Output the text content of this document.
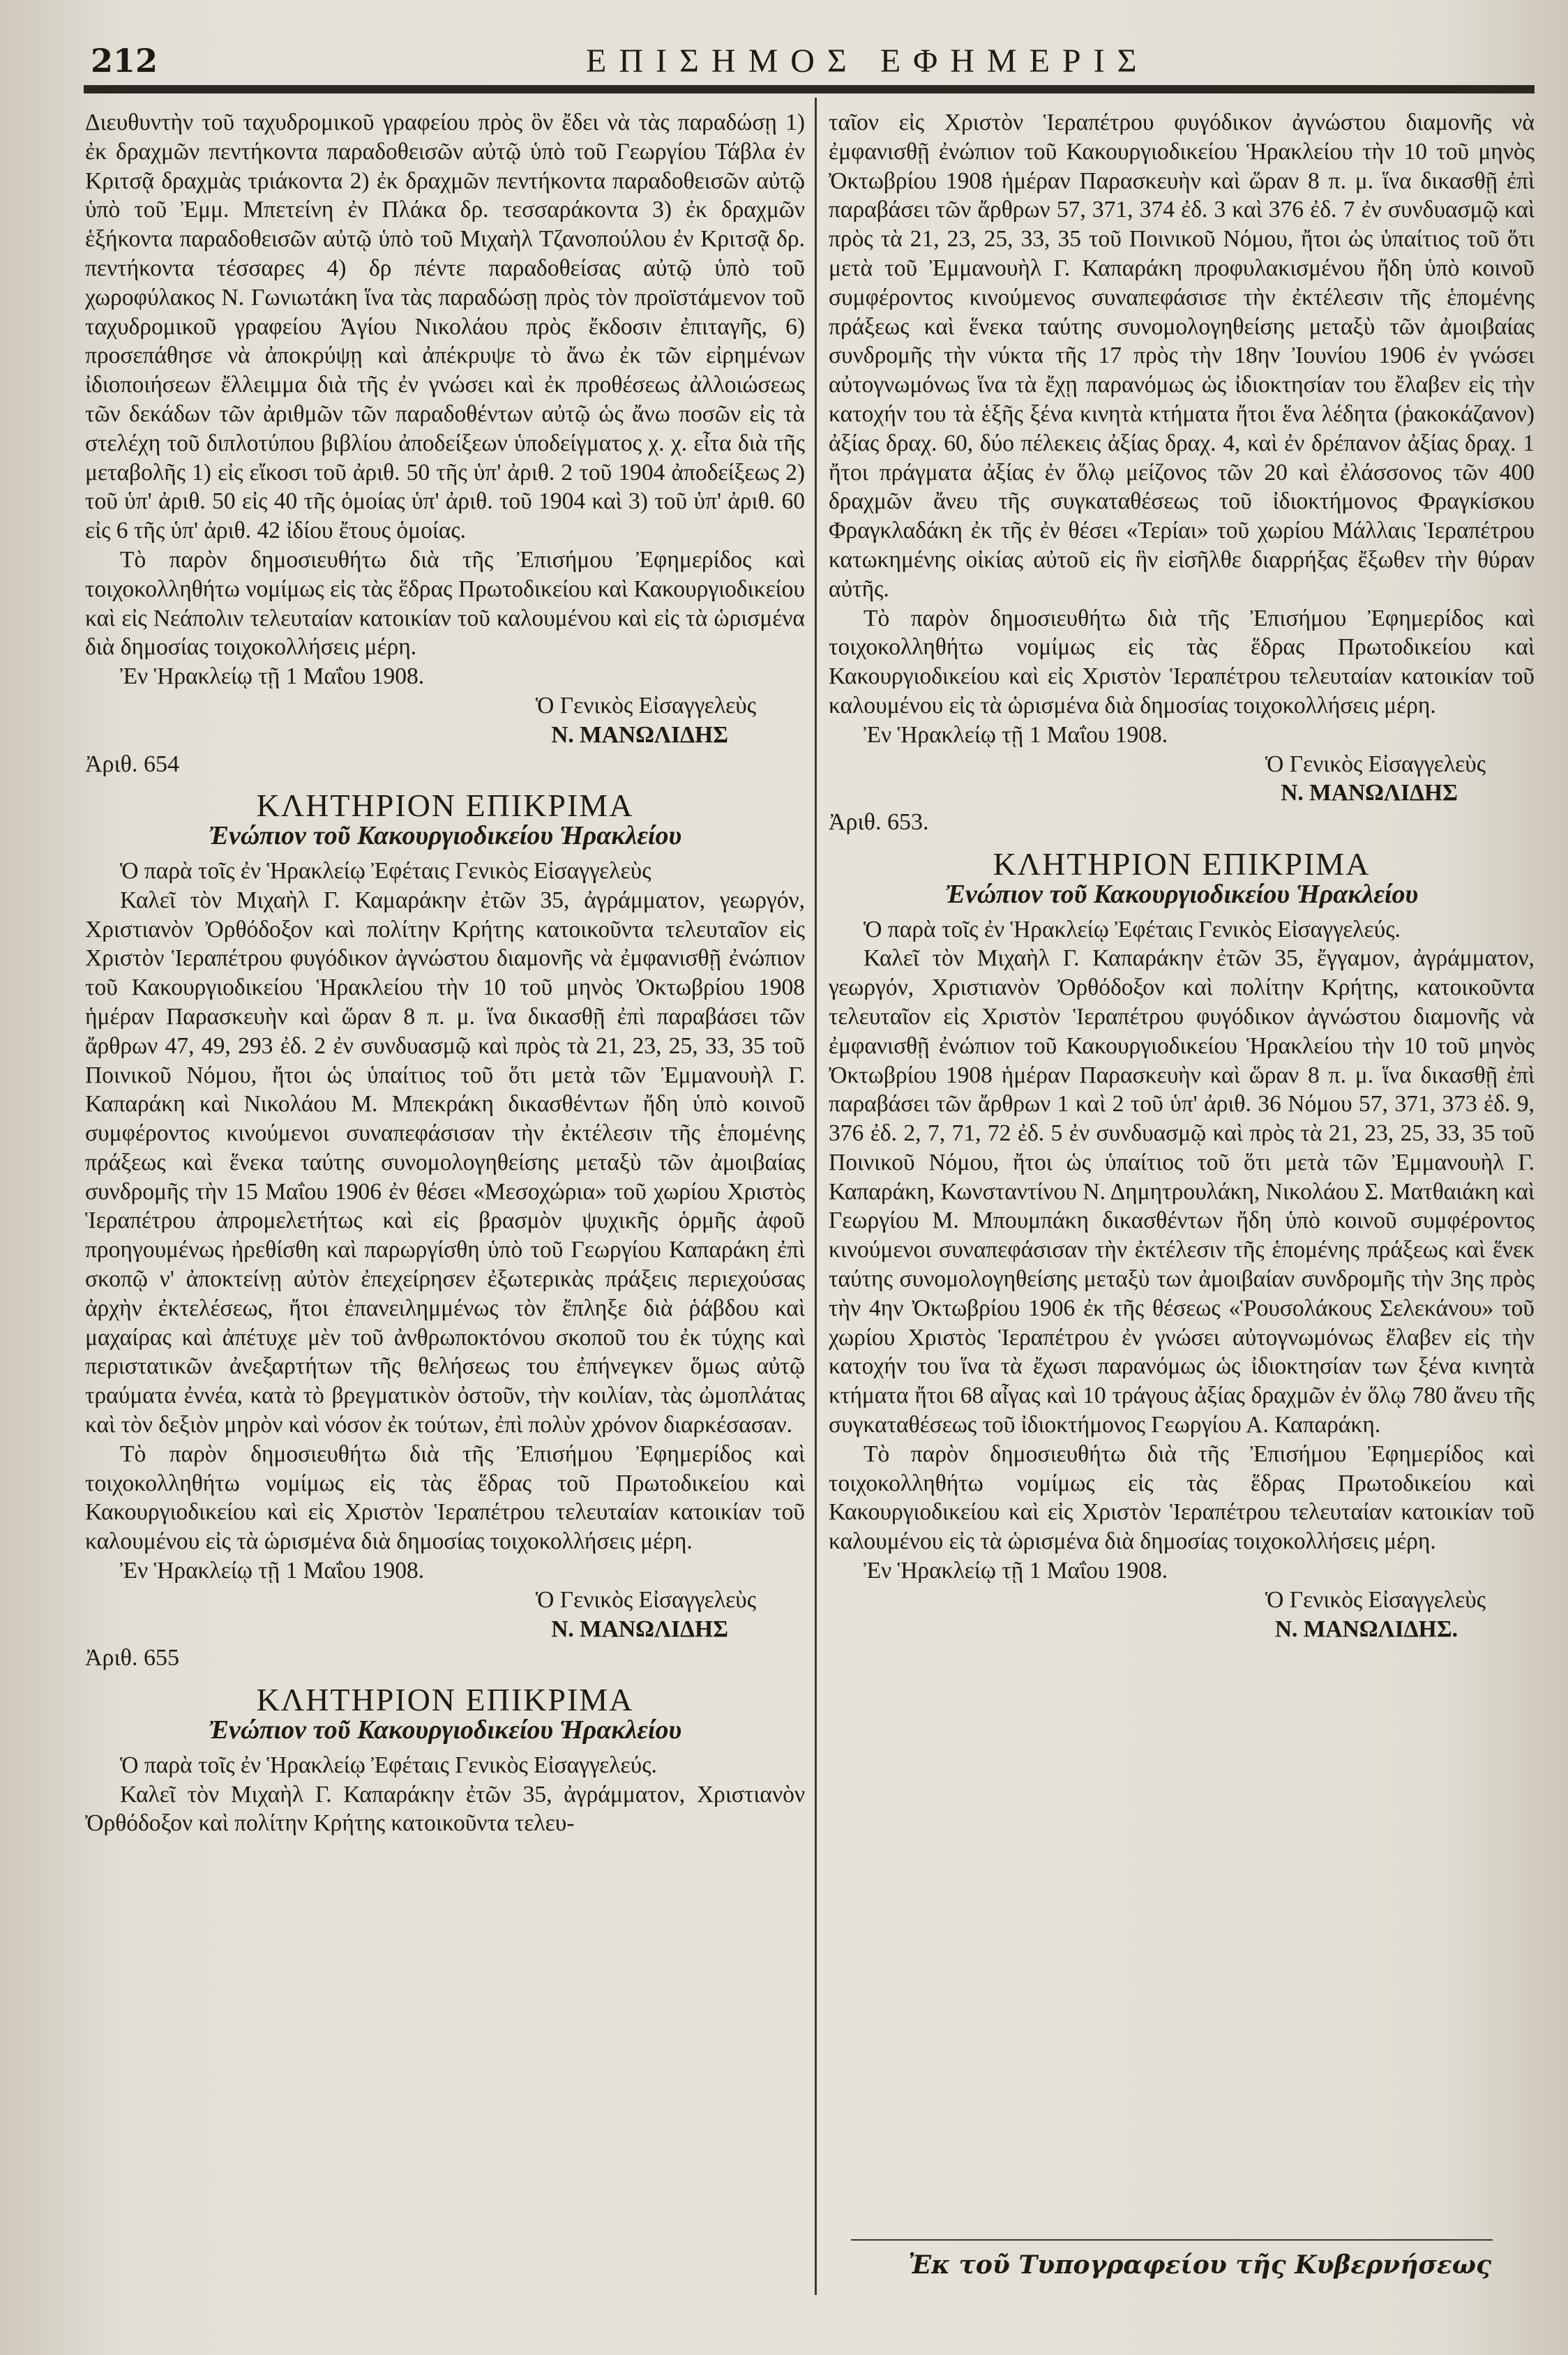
212	ΕΠΙΣΗΜΟΣ ΕΦΗΜΕΡΙΣ

Διευθυντὴν τοῦ ταχυδρομικοῦ γραφείου πρὸς ὃν ἔδει νὰ τὰς παραδώσῃ 1) ἐκ δραχμῶν πεντήκοντα παραδοθεισῶν αὐτῷ ὑπὸ τοῦ Γεωργίου Τάβλα ἐν Κριτσᾷ δραχμὰς τριάκοντα 2) ἐκ δραχμῶν πεντήκοντα παραδοθεισῶν αὐτῷ ὑπὸ τοῦ Ἐμμ. Μπετείνη ἐν Πλάκα δρ. τεσσαράκοντα 3) ἐκ δραχμῶν ἑξήκοντα παραδοθεισῶν αὐτῷ ὑπὸ τοῦ Μιχαὴλ Τζανοπούλου ἐν Κριτσᾷ δρ. πεντήκοντα τέσσαρες 4) δρ πέντε παραδοθείσας αὐτῷ ὑπὸ τοῦ χωροφύλακος Ν. Γωνιωτάκη ἵνα τὰς παραδώσῃ πρὸς τὸν προϊστάμενον τοῦ ταχυδρομικοῦ γραφείου Ἁγίου Νικολάου πρὸς ἔκδοσιν ἐπιταγῆς, 6) προσεπάθησε νὰ ἀποκρύψῃ καὶ ἀπέκρυψε τὸ ἄνω ἐκ τῶν εἰρημένων ἰδιοποιήσεων ἔλλειμμα διὰ τῆς ἐν γνώσει καὶ ἐκ προθέσεως ἀλλοιώσεως τῶν δεκάδων τῶν ἀριθμῶν τῶν παραδοθέντων αὐτῷ ὡς ἄνω ποσῶν εἰς τὰ στελέχη τοῦ διπλοτύπου βιβλίου ἀποδείξεων ὑποδείγματος χ. χ. εἶτα διὰ τῆς μεταβολῆς 1) εἰς εἴκοσι τοῦ ἀριθ. 50 τῆς ὑπ' ἀριθ. 2 τοῦ 1904 ἀποδείξεως 2) τοῦ ὑπ' ἀριθ. 50 εἰς 40 τῆς ὁμοίας ὑπ' ἀριθ. τοῦ 1904 καὶ 3) τοῦ ὑπ' ἀριθ. 60 εἰς 6 τῆς ὑπ' ἀριθ. 42 ἰδίου ἔτους ὁμοίας.

Τὸ παρὸν δημοσιευθήτω διὰ τῆς Ἐπισήμου Ἐφημερίδος καὶ τοιχοκολληθήτω νομίμως εἰς τὰς ἕδρας Πρωτοδικείου καὶ Κακουργιοδικείου καὶ εἰς Νεάπολιν τελευταίαν κατοικίαν τοῦ καλουμένου καὶ εἰς τὰ ὡρισμένα διὰ δημοσίας τοιχοκολλήσεις μέρη.

Ἐν Ἡρακλείῳ τῇ 1 Μαΐου 1908.

Ὁ Γενικὸς Εἰσαγγελεὺς

Ν. ΜΑΝΩΛΙΔΗΣ

Ἀριθ. 654

ΚΛΗΤΗΡΙΟΝ ΕΠΙΚΡΙΜΑ
Ἐνώπιον τοῦ Κακουργιοδικείου Ἡρακλείου

Ὁ παρὰ τοῖς ἐν Ἡρακλείῳ Ἐφέταις Γενικὸς Εἰσαγγελεὺς

Καλεῖ τὸν Μιχαὴλ Γ. Καμαράκην ἐτῶν 35, ἀγράμματον, γεωργόν, Χριστιανὸν Ὀρθόδοξον καὶ πολίτην Κρήτης κατοικοῦντα τελευταῖον εἰς Χριστὸν Ἱεραπέτρου φυγόδικον ἀγνώστου διαμονῆς νὰ ἐμφανισθῇ ἐνώπιον τοῦ Κακουργιοδικείου Ἡρακλείου τὴν 10 τοῦ μηνὸς Ὀκτωβρίου 1908 ἡμέραν Παρασκευὴν καὶ ὥραν 8 π. μ. ἵνα δικασθῇ ἐπὶ παραβάσει τῶν ἄρθρων 47, 49, 293 ἐδ. 2 ἐν συνδυασμῷ καὶ πρὸς τὰ 21, 23, 25, 33, 35 τοῦ Ποινικοῦ Νόμου, ἤτοι ὡς ὑπαίτιος τοῦ ὅτι μετὰ τῶν Ἐμμανουὴλ Γ. Καπαράκη καὶ Νικολάου Μ. Μπεκράκη δικασθέντων ἤδη ὑπὸ κοινοῦ συμφέροντος κινούμενοι συναπεφάσισαν τὴν ἐκτέλεσιν τῆς ἑπομένης πράξεως καὶ ἕνεκα ταύτης συνομολογηθείσης μεταξὺ τῶν ἀμοιβαίας συνδρομῆς τὴν 15 Μαΐου 1906 ἐν θέσει «Μεσοχώρια» τοῦ χωρίου Χριστὸς Ἱεραπέτρου ἀπρομελετήτως καὶ εἰς βρασμὸν ψυχικῆς ὁρμῆς ἀφοῦ προηγουμένως ἠρεθίσθη καὶ παρωργίσθη ὑπὸ τοῦ Γεωργίου Καπαράκη ἐπὶ σκοπῷ ν' ἀποκτείνῃ αὐτὸν ἐπεχείρησεν ἐξωτερικὰς πράξεις περιεχούσας ἀρχὴν ἐκτελέσεως, ἤτοι ἐπανειλημμένως τὸν ἔπληξε διὰ ῥάβδου καὶ μαχαίρας καὶ ἀπέτυχε μὲν τοῦ ἀνθρωποκτόνου σκοποῦ του ἐκ τύχης καὶ περιστατικῶν ἀνεξαρτήτων τῆς θελήσεως του ἐπήνεγκεν ὅμως αὐτῷ τραύματα ἐννέα, κατὰ τὸ βρεγματικὸν ὀστοῦν, τὴν κοιλίαν, τὰς ὠμοπλάτας καὶ τὸν δεξιὸν μηρὸν καὶ νόσον ἐκ τούτων, ἐπὶ πολὺν χρόνον διαρκέσασαν.

Τὸ παρὸν δημοσιευθήτω διὰ τῆς Ἐπισήμου Ἐφημερίδος καὶ τοιχοκολληθήτω νομίμως εἰς τὰς ἕδρας τοῦ Πρωτοδικείου καὶ Κακουργιοδικείου καὶ εἰς Χριστὸν Ἱεραπέτρου τελευταίαν κατοικίαν τοῦ καλουμένου εἰς τὰ ὡρισμένα διὰ δημοσίας τοιχοκολλήσεις μέρη.

Ἐν Ἡρακλείῳ τῇ 1 Μαΐου 1908.

Ὁ Γενικὸς Εἰσαγγελεὺς

Ν. ΜΑΝΩΛΙΔΗΣ

Ἀριθ. 655

ΚΛΗΤΗΡΙΟΝ ΕΠΙΚΡΙΜΑ
Ἐνώπιον τοῦ Κακουργιοδικείου Ἡρακλείου

Ὁ παρὰ τοῖς ἐν Ἡρακλείῳ Ἐφέταις Γενικὸς Εἰσαγγελεύς.

Καλεῖ τὸν Μιχαὴλ Γ. Καπαράκην ἐτῶν 35, ἀγράμματον, Χριστιανὸν Ὀρθόδοξον καὶ πολίτην Κρήτης κατοικοῦντα τελευ-

ταῖον εἰς Χριστὸν Ἱεραπέτρου φυγόδικον ἀγνώστου διαμονῆς νὰ ἐμφανισθῇ ἐνώπιον τοῦ Κακουργιοδικείου Ἡρακλείου τὴν 10 τοῦ μηνὸς Ὀκτωβρίου 1908 ἡμέραν Παρασκευὴν καὶ ὥραν 8 π. μ. ἵνα δικασθῇ ἐπὶ παραβάσει τῶν ἄρθρων 57, 371, 374 ἐδ. 3 καὶ 376 ἐδ. 7 ἐν συνδυασμῷ καὶ πρὸς τὰ 21, 23, 25, 33, 35 τοῦ Ποινικοῦ Νόμου, ἤτοι ὡς ὑπαίτιος τοῦ ὅτι μετὰ τοῦ Ἐμμανουὴλ Γ. Καπαράκη προφυλακισμένου ἤδη ὑπὸ κοινοῦ συμφέροντος κινούμενος συναπεφάσισε τὴν ἐκτέλεσιν τῆς ἑπομένης πράξεως καὶ ἕνεκα ταύτης συνομολογηθείσης μεταξὺ τῶν ἀμοιβαίας συνδρομῆς τὴν νύκτα τῆς 17 πρὸς τὴν 18ην Ἰουνίου 1906 ἐν γνώσει αὐτογνωμόνως ἵνα τὰ ἔχῃ παρανόμως ὡς ἰδιοκτησίαν του ἔλαβεν εἰς τὴν κατοχήν του τὰ ἑξῆς ξένα κινητὰ κτήματα ἤτοι ἕνα λέδητα (ῥακοκάζανον) ἀξίας δραχ. 60, δύο πέλεκεις ἀξίας δραχ. 4, καὶ ἐν δρέπανον ἀξίας δραχ. 1 ἤτοι πράγματα ἀξίας ἐν ὅλῳ μείζονος τῶν 20 καὶ ἐλάσσονος τῶν 400 δραχμῶν ἄνευ τῆς συγκαταθέσεως τοῦ ἰδιοκτήμονος Φραγκίσκου Φραγκλαδάκη ἐκ τῆς ἐν θέσει «Τερίαι» τοῦ χωρίου Μάλλαις Ἱεραπέτρου κατωκημένης οἰκίας αὐτοῦ εἰς ἣν εἰσῆλθε διαρρήξας ἔξωθεν τὴν θύραν αὐτῆς.

Τὸ παρὸν δημοσιευθήτω διὰ τῆς Ἐπισήμου Ἐφημερίδος καὶ τοιχοκολληθήτω νομίμως εἰς τὰς ἕδρας Πρωτοδικείου καὶ Κακουργιοδικείου καὶ εἰς Χριστὸν Ἱεραπέτρου τελευταίαν κατοικίαν τοῦ καλουμένου εἰς τὰ ὡρισμένα διὰ δημοσίας τοιχοκολλήσεις μέρη.

Ἐν Ἡρακλείῳ τῇ 1 Μαΐου 1908.

Ὁ Γενικὸς Εἰσαγγελεὺς

Ν. ΜΑΝΩΛΙΔΗΣ

Ἀριθ. 653.

ΚΛΗΤΗΡΙΟΝ ΕΠΙΚΡΙΜΑ
Ἐνώπιον τοῦ Κακουργιοδικείου Ἡρακλείου

Ὁ παρὰ τοῖς ἐν Ἡρακλείῳ Ἐφέταις Γενικὸς Εἰσαγγελεύς.

Καλεῖ τὸν Μιχαὴλ Γ. Καπαράκην ἐτῶν 35, ἔγγαμον, ἀγράμματον, γεωργόν, Χριστιανὸν Ὀρθόδοξον καὶ πολίτην Κρήτης, κατοικοῦντα τελευταῖον εἰς Χριστὸν Ἱεραπέτρου φυγόδικον ἀγνώστου διαμονῆς νὰ ἐμφανισθῇ ἐνώπιον τοῦ Κακουργιοδικείου Ἡρακλείου τὴν 10 τοῦ μηνὸς Ὀκτωβρίου 1908 ἡμέραν Παρασκευὴν καὶ ὥραν 8 π. μ. ἵνα δικασθῇ ἐπὶ παραβάσει τῶν ἄρθρων 1 καὶ 2 τοῦ ὑπ' ἀριθ. 36 Νόμου 57, 371, 373 ἐδ. 9, 376 ἐδ. 2, 7, 71, 72 ἐδ. 5 ἐν συνδυασμῷ καὶ πρὸς τὰ 21, 23, 25, 33, 35 τοῦ Ποινικοῦ Νόμου, ἤτοι ὡς ὑπαίτιος τοῦ ὅτι μετὰ τῶν Ἐμμανουὴλ Γ. Καπαράκη, Κωνσταντίνου Ν. Δημητρουλάκη, Νικολάου Σ. Ματθαιάκη καὶ Γεωργίου Μ. Μπουμπάκη δικασθέντων ἤδη ὑπὸ κοινοῦ συμφέροντος κινούμενοι συναπεφάσισαν τὴν ἐκτέλεσιν τῆς ἑπομένης πράξεως καὶ ἕνεκ ταύτης συνομολογηθείσης μεταξὺ των ἀμοιβαίαν συνδρομῆς τὴν 3ης πρὸς τὴν 4ην Ὀκτωβρίου 1906 ἐκ τῆς θέσεως «Ῥουσολάκους Σελεκάνου» τοῦ χωρίου Χριστὸς Ἱεραπέτρου ἐν γνώσει αὐτογνωμόνως ἔλαβεν εἰς τὴν κατοχήν του ἵνα τὰ ἔχωσι παρανόμως ὡς ἰδιοκτησίαν των ξένα κινητὰ κτήματα ἤτοι 68 αἶγας καὶ 10 τράγους ἀξίας δραχμῶν ἐν ὅλῳ 780 ἄνευ τῆς συγκαταθέσεως τοῦ ἰδιοκτήμονος Γεωργίου Α. Καπαράκη.

Τὸ παρὸν δημοσιευθήτω διὰ τῆς Ἐπισήμου Ἐφημερίδος καὶ τοιχοκολληθήτω νομίμως εἰς τὰς ἕδρας Πρωτοδικείου καὶ Κακουργιοδικείου καὶ εἰς Χριστὸν Ἱεραπέτρου τελευταίαν κατοικίαν τοῦ καλουμένου εἰς τὰ ὡρισμένα διὰ δημοσίας τοιχοκολλήσεις μέρη.

Ἐν Ἡρακλείῳ τῇ 1 Μαΐου 1908.

Ὁ Γενικὸς Εἰσαγγελεὺς

Ν. ΜΑΝΩΛΙΔΗΣ.

Ἐκ τοῦ Τυπογραφείου τῆς Κυβερνήσεως
